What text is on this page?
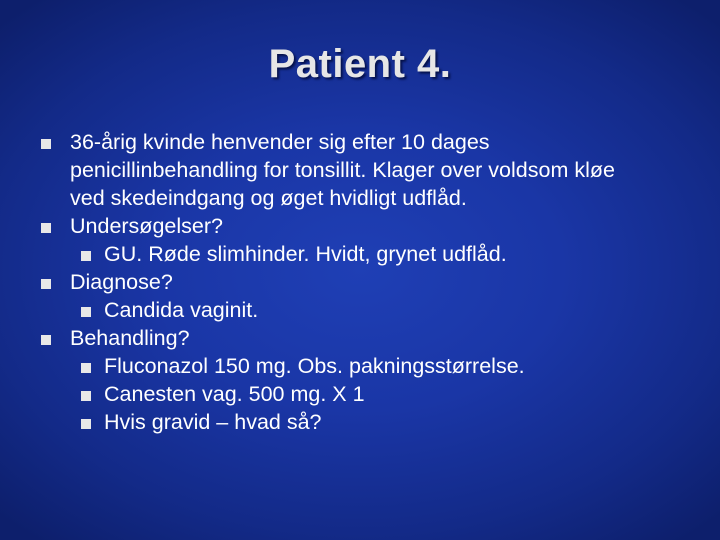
Patient 4.
36-årig kvinde henvender sig efter 10 dages
penicillinbehandling for tonsillit. Klager over voldsom kløe
ved skedeindgang og øget hvidligt udflåd.
Undersøgelser?
GU. Røde slimhinder. Hvidt, grynet udflåd.
Diagnose?
Candida vaginit.
Behandling?
Fluconazol 150 mg. Obs. pakningsstørrelse.
Canesten vag. 500 mg. X 1
Hvis gravid – hvad så?
